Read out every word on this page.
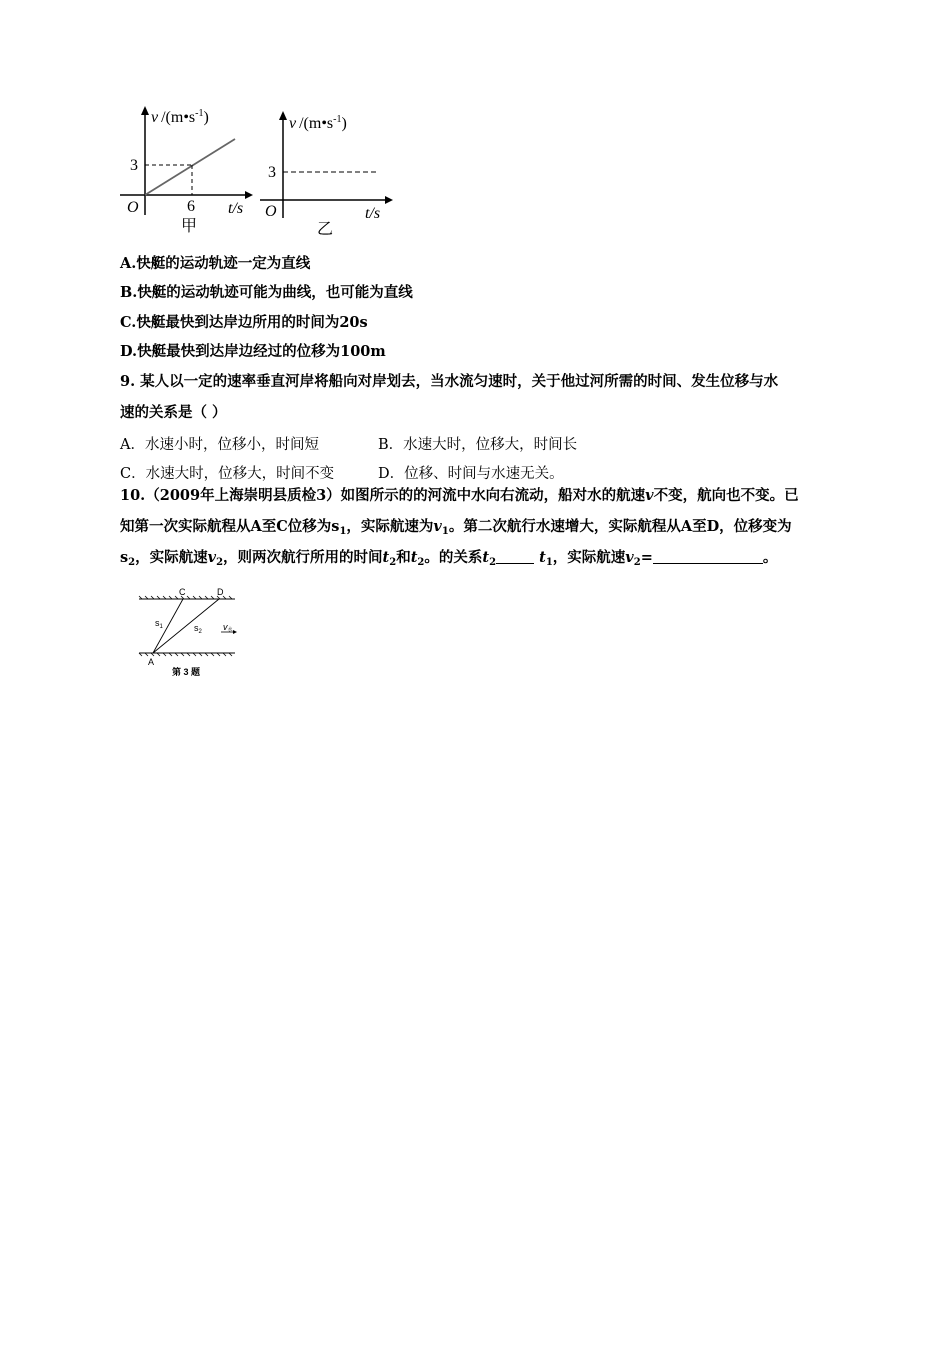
3
6
O
v $/(m•s^{-1})$
t/s
甲
3
O
v $/(m•s^{-1})$
t/s
乙
A.快艇的运动轨迹一定为直线
B.快艇的运动轨迹可能为曲线，也可能为直线
C.快艇最快到达岸边所用的时间为20s
D.快艇最快到达岸边经过的位移为100m
9. 某人以一定的速率垂直河岸将船向对岸划去，当水流匀速时，关于他过河所需的时间、发生位移与水
速的关系是（ ）
A．水速小时，位移小，时间短	B．水速大时，位移大，时间长
C．水速大时，位移大，时间不变	D．位移、时间与水速无关。
10.（2009年上海崇明县质检3）如图所示的的河流中水向右流动，船对水的航速v不变，航向也不变。已
知第一次实际航程从A至C位移为$s_1$，实际航速为$v_1$。第二次航行水速增大，实际航程从A至D，位移变为
$s_2$，实际航速$v_2$，则两次航行所用的时间$t_2$和$t_2$。的关系$t_2$	$t_1$，实际航速$v_2=$	。
C	D
A
$s_1$	$s_2$ v水
第 3 题
